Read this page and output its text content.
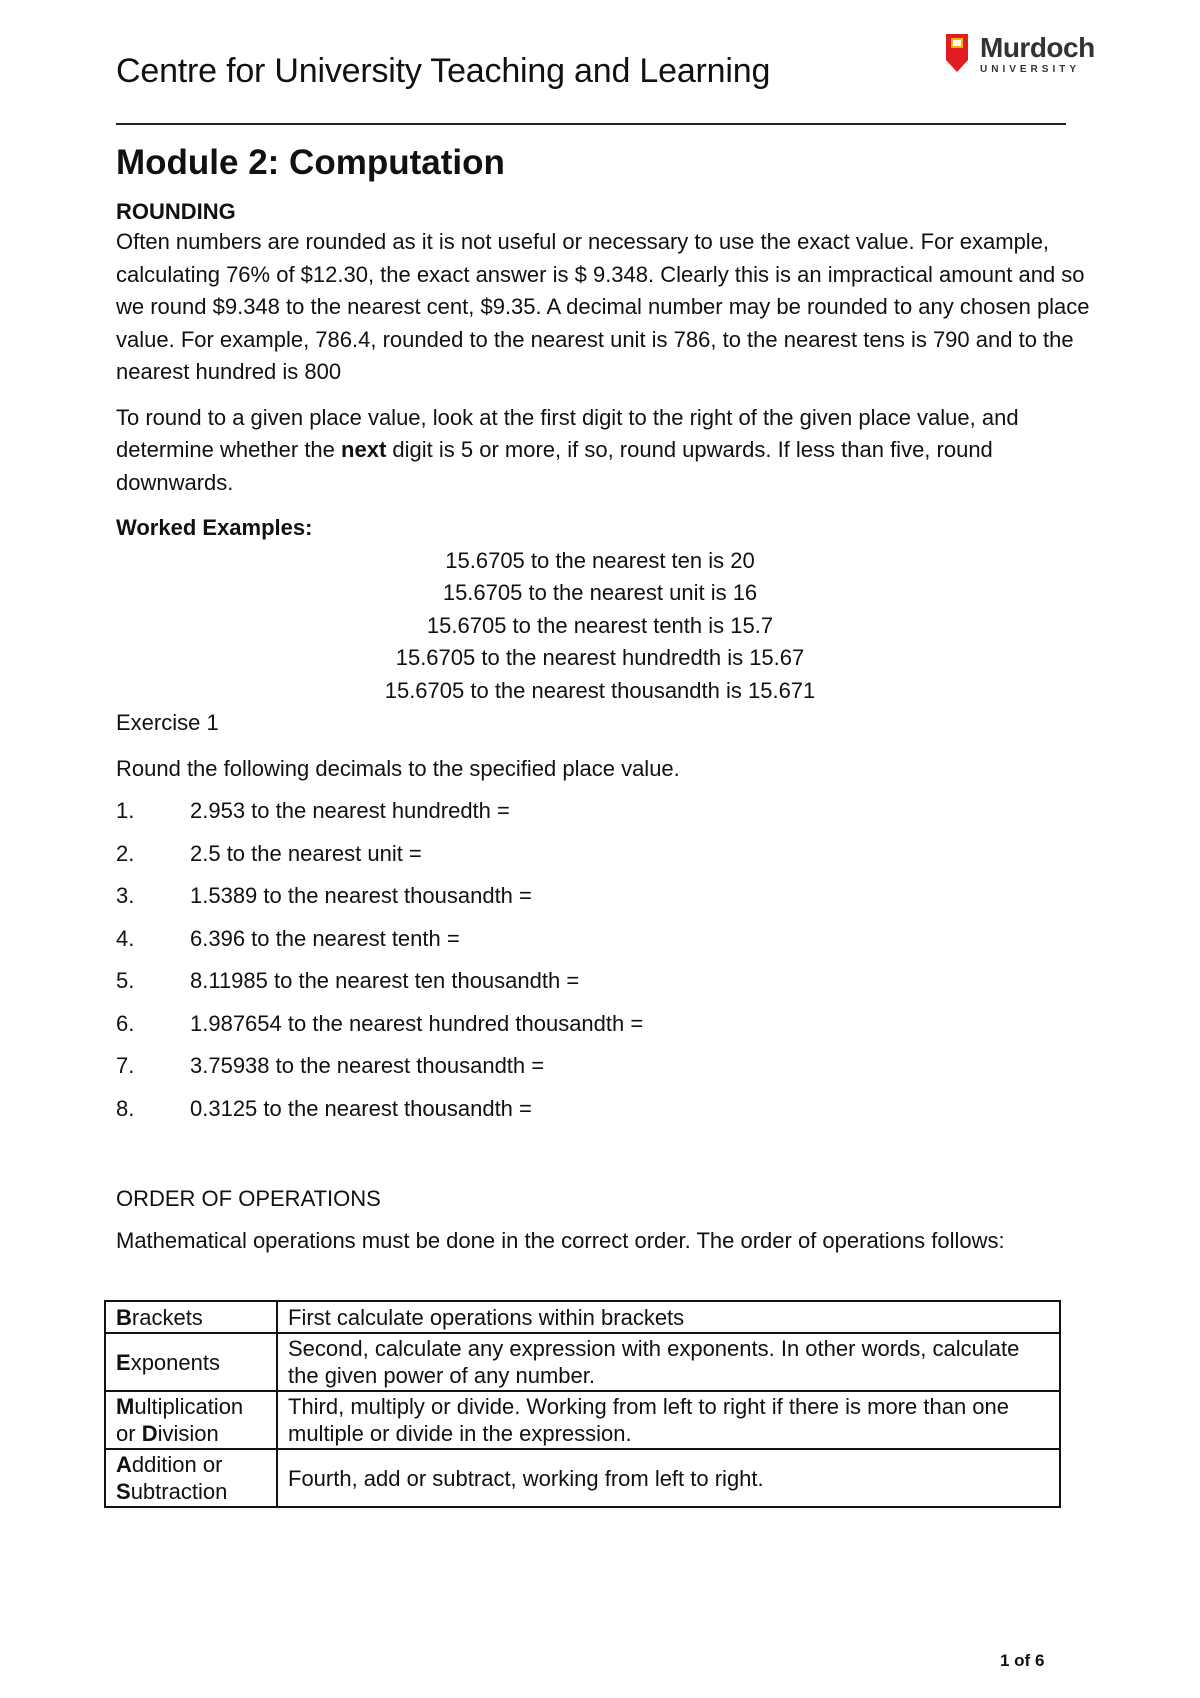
Centre for University Teaching and Learning
Murdoch
UNIVERSITY
Module 2: Computation
ROUNDING

Often numbers are rounded as it is not useful or necessary to use the exact value. For example, calculating 76% of $12.30, the exact answer is $ 9.348. Clearly this is an impractical amount and so we round $9.348 to the nearest cent, $9.35. A decimal number may be rounded to any chosen place value. For example, 786.4, rounded to the nearest unit is 786, to the nearest tens is 790 and to the nearest hundred is 800

To round to a given place value, look at the first digit to the right of the given place value, and determine whether the next digit is 5 or more, if so, round upwards. If less than five, round downwards.

Worked Examples:

15.6705 to the nearest ten is 20
15.6705 to the nearest unit is 16
15.6705 to the nearest tenth is 15.7
15.6705 to the nearest hundredth is 15.67
15.6705 to the nearest thousandth is 15.671

Exercise 1

Round the following decimals to the specified place value.

1.	2.953 to the nearest hundredth =
2.	2.5 to the nearest unit =
3.	1.5389 to the nearest thousandth =
4.	6.396 to the nearest tenth =
5.	8.11985 to the nearest ten thousandth =
6.	1.987654 to the nearest hundred thousandth =
7.	3.75938 to the nearest thousandth =
8.	0.3125 to the nearest thousandth =

ORDER OF OPERATIONS

Mathematical operations must be done in the correct order. The order of operations follows:

Brackets	First calculate operations within brackets
Exponents	Second, calculate any expression with exponents. In other words, calculate the given power of any number.
Multiplication
or Division	Third, multiply or divide. Working from left to right if there is more than one multiple or divide in the expression.
Addition or
Subtraction	Fourth, add or subtract, working from left to right.
1 of 6
